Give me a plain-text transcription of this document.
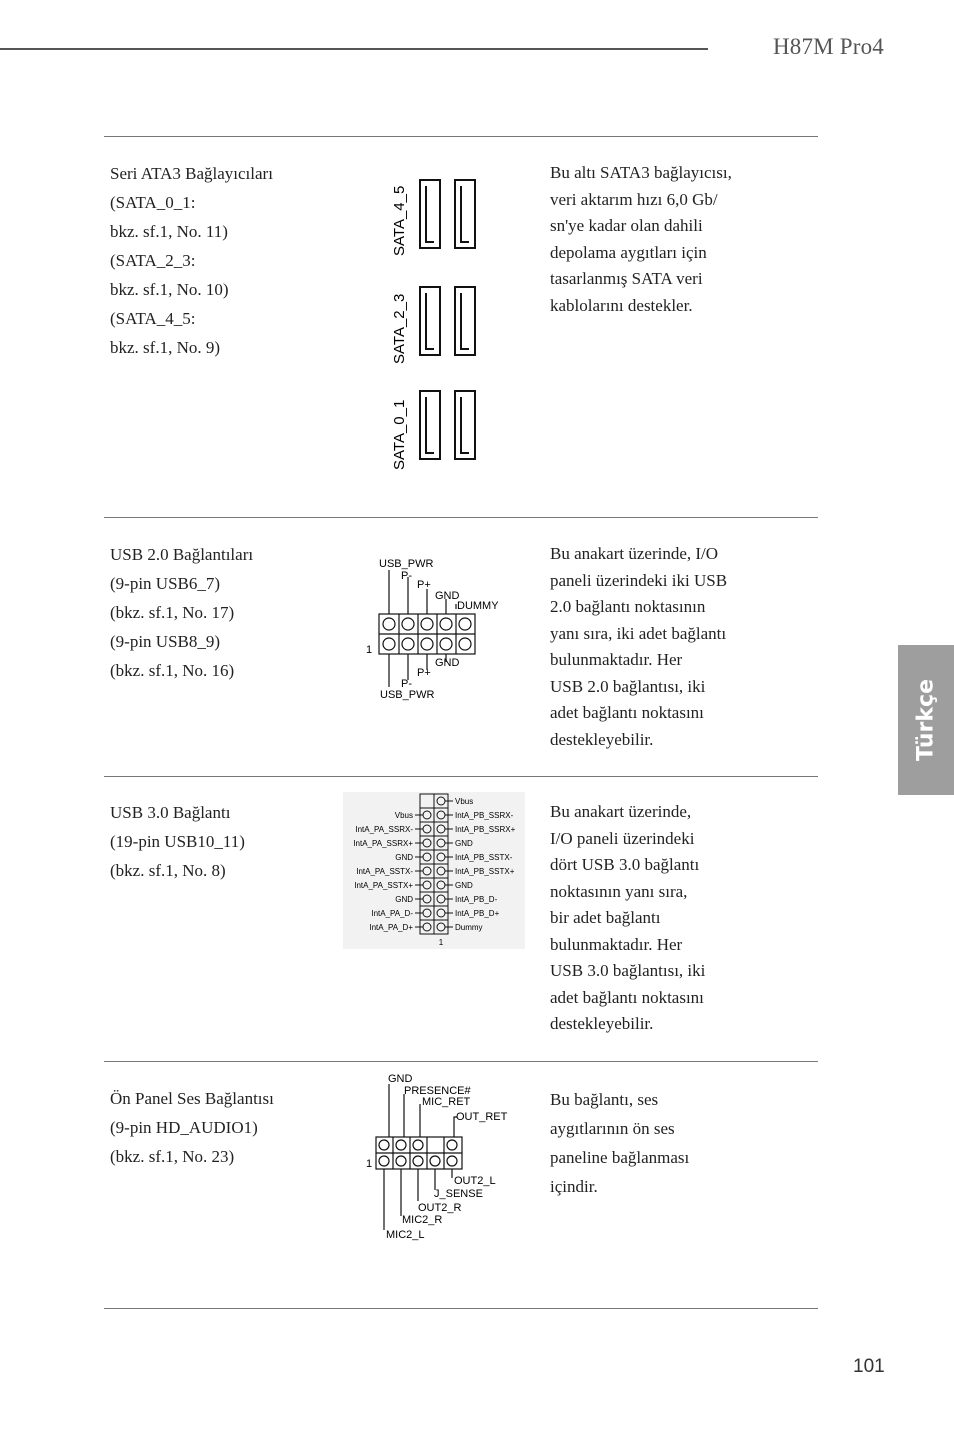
H87M Pro4
Seri ATA3 Bağlayıcıları
(SATA_0_1:
bkz. sf.1, No. 11)
(SATA_2_3:
bkz. sf.1, No. 10)
(SATA_4_5:
bkz. sf.1, No. 9)
SATA_4_5
SATA_2_3
SATA_0_1
Bu altı SATA3 bağlayıcısı,
veri aktarım hızı 6,0 Gb/
sn'ye kadar olan dahili
depolama aygıtları için
tasarlanmış SATA veri
kablolarını destekler.
USB 2.0 Bağlantıları
(9-pin USB6_7)
(bkz. sf.1, No. 17)
(9-pin USB8_9)
(bkz. sf.1, No. 16)
USB_PWR
P-
P+
GND
DUMMY
1
GND
P+
P-
USB_PWR
Bu anakart üzerinde, I/O
paneli üzerindeki iki USB
2.0 bağlantı noktasının
yanı sıra, iki adet bağlantı
bulunmaktadır. Her
USB 2.0 bağlantısı, iki
adet bağlantı noktasını
destekleyebilir.
USB 3.0 Bağlantı
(19-pin USB10_11)
(bkz. sf.1, No. 8)
Vbus
IntA_PA_SSRX-
IntA_PA_SSRX+
GND
IntA_PA_SSTX-
IntA_PA_SSTX+
GND
IntA_PA_D-
IntA_PA_D+
Vbus
IntA_PB_SSRX-
IntA_PB_SSRX+
GND
IntA_PB_SSTX-
IntA_PB_SSTX+
GND
IntA_PB_D-
IntA_PB_D+
Dummy
1
Bu anakart üzerinde,
I/O paneli üzerindeki
dört USB 3.0 bağlantı
noktasının yanı sıra,
bir adet bağlantı
bulunmaktadır. Her
USB 3.0 bağlantısı, iki
adet bağlantı noktasını
destekleyebilir.
Ön Panel Ses Bağlantısı
(9-pin HD_AUDIO1)
(bkz. sf.1, No. 23)
GND
PRESENCE#
MIC_RET
OUT_RET
1
OUT2_L
J_SENSE
OUT2_R
MIC2_R
MIC2_L
Bu bağlantı, ses
aygıtlarının ön ses
paneline bağlanması
içindir.
Türkçe
101
